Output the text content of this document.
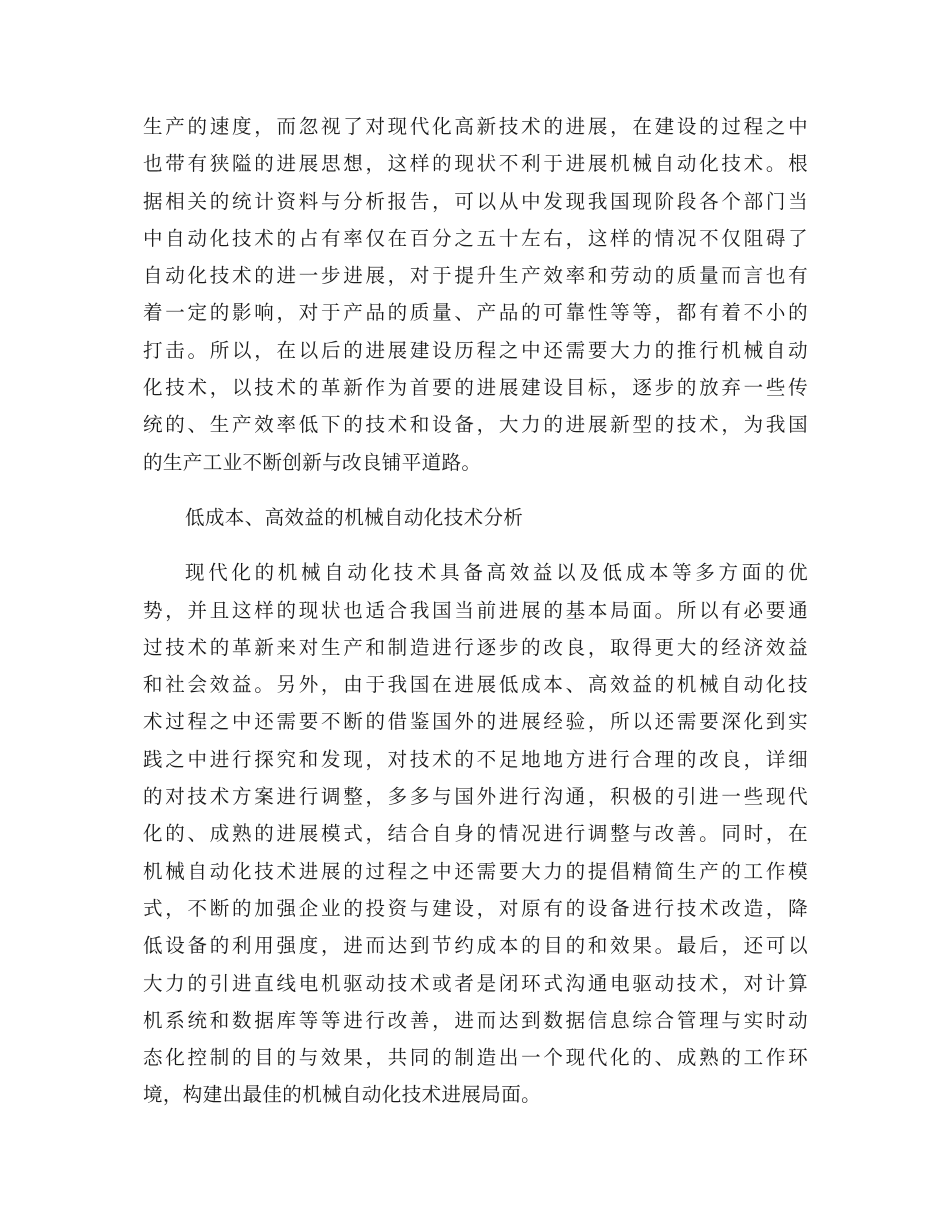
生产的速度，而忽视了对现代化高新技术的进展，在建设的过程之中
也带有狭隘的进展思想，这样的现状不利于进展机械自动化技术。根
据相关的统计资料与分析报告，可以从中发现我国现阶段各个部门当
中自动化技术的占有率仅在百分之五十左右，这样的情况不仅阻碍了
自动化技术的进一步进展，对于提升生产效率和劳动的质量而言也有
着一定的影响，对于产品的质量、产品的可靠性等等，都有着不小的
打击。所以，在以后的进展建设历程之中还需要大力的推行机械自动
化技术，以技术的革新作为首要的进展建设目标，逐步的放弃一些传
统的、生产效率低下的技术和设备，大力的进展新型的技术，为我国
的生产工业不断创新与改良铺平道路。
低成本、高效益的机械自动化技术分析
现代化的机械自动化技术具备高效益以及低成本等多方面的优
势，并且这样的现状也适合我国当前进展的基本局面。所以有必要通
过技术的革新来对生产和制造进行逐步的改良，取得更大的经济效益
和社会效益。另外，由于我国在进展低成本、高效益的机械自动化技
术过程之中还需要不断的借鉴国外的进展经验，所以还需要深化到实
践之中进行探究和发现，对技术的不足地地方进行合理的改良，详细
的对技术方案进行调整，多多与国外进行沟通，积极的引进一些现代
化的、成熟的进展模式，结合自身的情况进行调整与改善。同时，在
机械自动化技术进展的过程之中还需要大力的提倡精简生产的工作模
式，不断的加强企业的投资与建设，对原有的设备进行技术改造，降
低设备的利用强度，进而达到节约成本的目的和效果。最后，还可以
大力的引进直线电机驱动技术或者是闭环式沟通电驱动技术，对计算
机系统和数据库等等进行改善，进而达到数据信息综合管理与实时动
态化控制的目的与效果，共同的制造出一个现代化的、成熟的工作环
境，构建出最佳的机械自动化技术进展局面。
